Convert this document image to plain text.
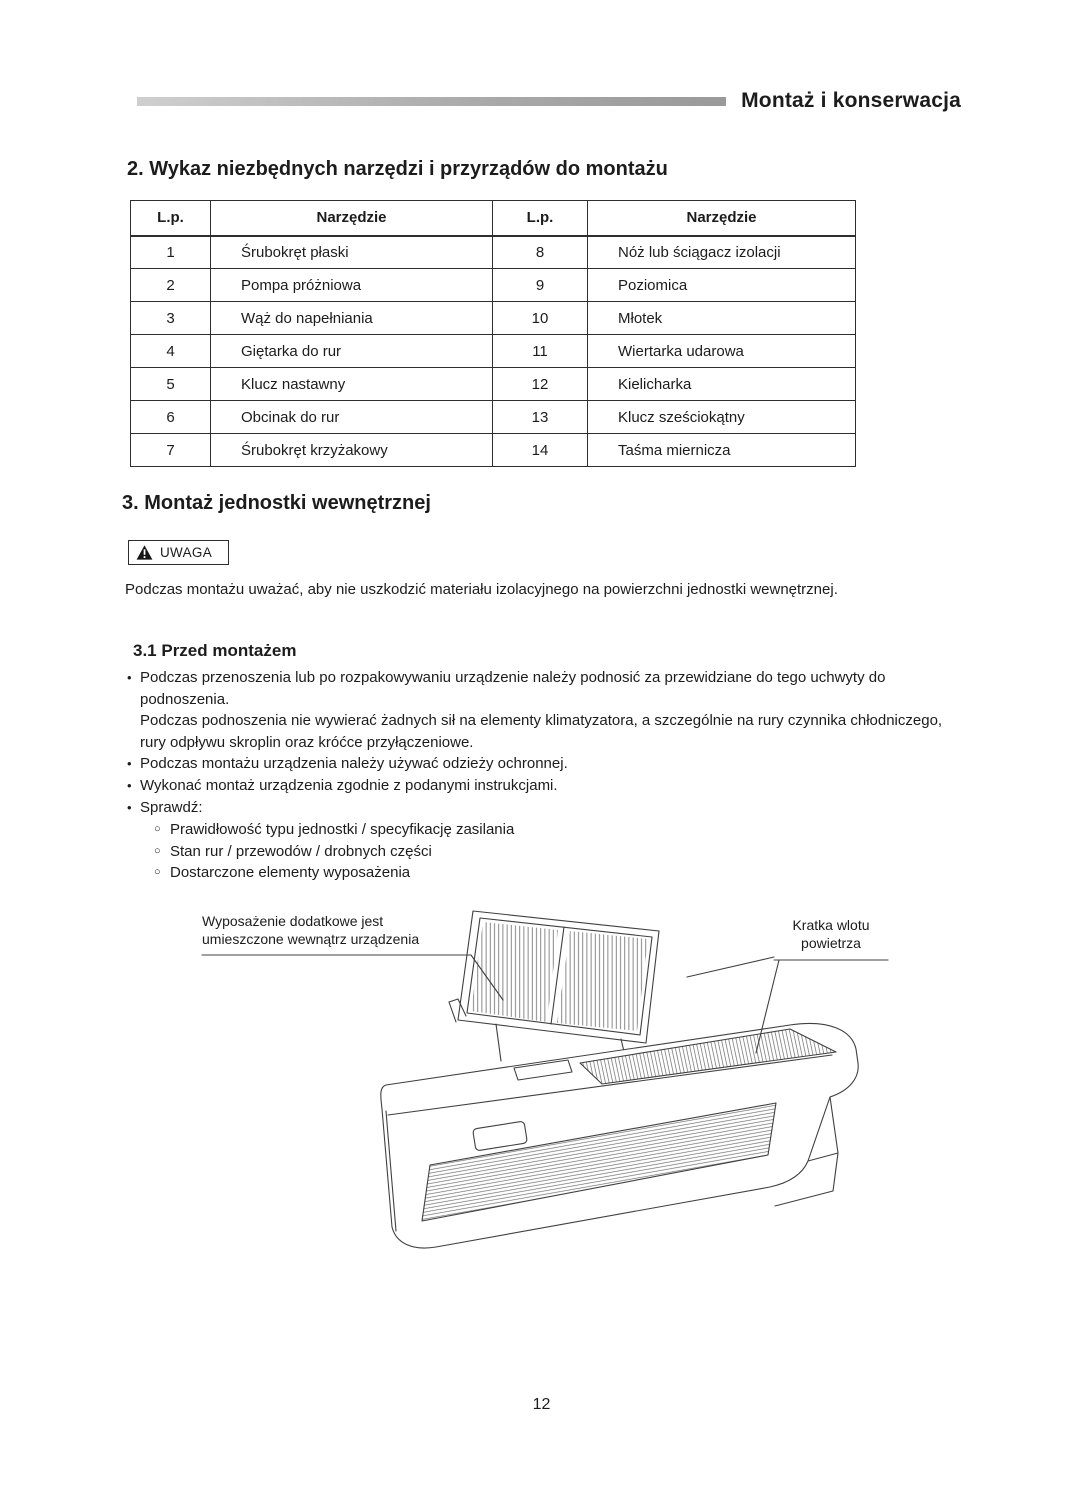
Montaż i konserwacja
2. Wykaz niezbędnych narzędzi i przyrządów do montażu
L.p.	Narzędzie	L.p.	Narzędzie
1	Śrubokręt płaski	8	Nóż lub ściągacz izolacji
2	Pompa próżniowa	9	Poziomica
3	Wąż do napełniania	10	Młotek
4	Giętarka do rur	11	Wiertarka udarowa
5	Klucz nastawny	12	Kielicharka
6	Obcinak do rur	13	Klucz sześciokątny
7	Śrubokręt krzyżakowy	14	Taśma miernicza
3. Montaż jednostki wewnętrznej
UWAGA

Podczas montażu uważać, aby nie uszkodzić materiału izolacyjnego na powierzchni jednostki wewnętrznej.

3.1 Przed montażem
• Podczas przenoszenia lub po rozpakowywaniu urządzenie należy podnosić za przewidziane do tego uchwyty do podnoszenia.

Podczas podnoszenia nie wywierać żadnych sił na elementy klimatyzatora, a szczególnie na rury czynnika chłodniczego, rury odpływu skroplin oraz króćce przyłączeniowe.

• Podczas montażu urządzenia należy używać odzieży ochronnej.

• Wykonać montaż urządzenia zgodnie z podanymi instrukcjami.

• Sprawdź:

○ Prawidłowość typu jednostki / specyfikację zasilania
○ Stan rur / przewodów / drobnych części
○ Dostarczone elementy wyposażenia
Wyposażenie dodatkowe jest
umieszczone wewnątrz urządzenia
Kratka wlotu
powietrza
12
